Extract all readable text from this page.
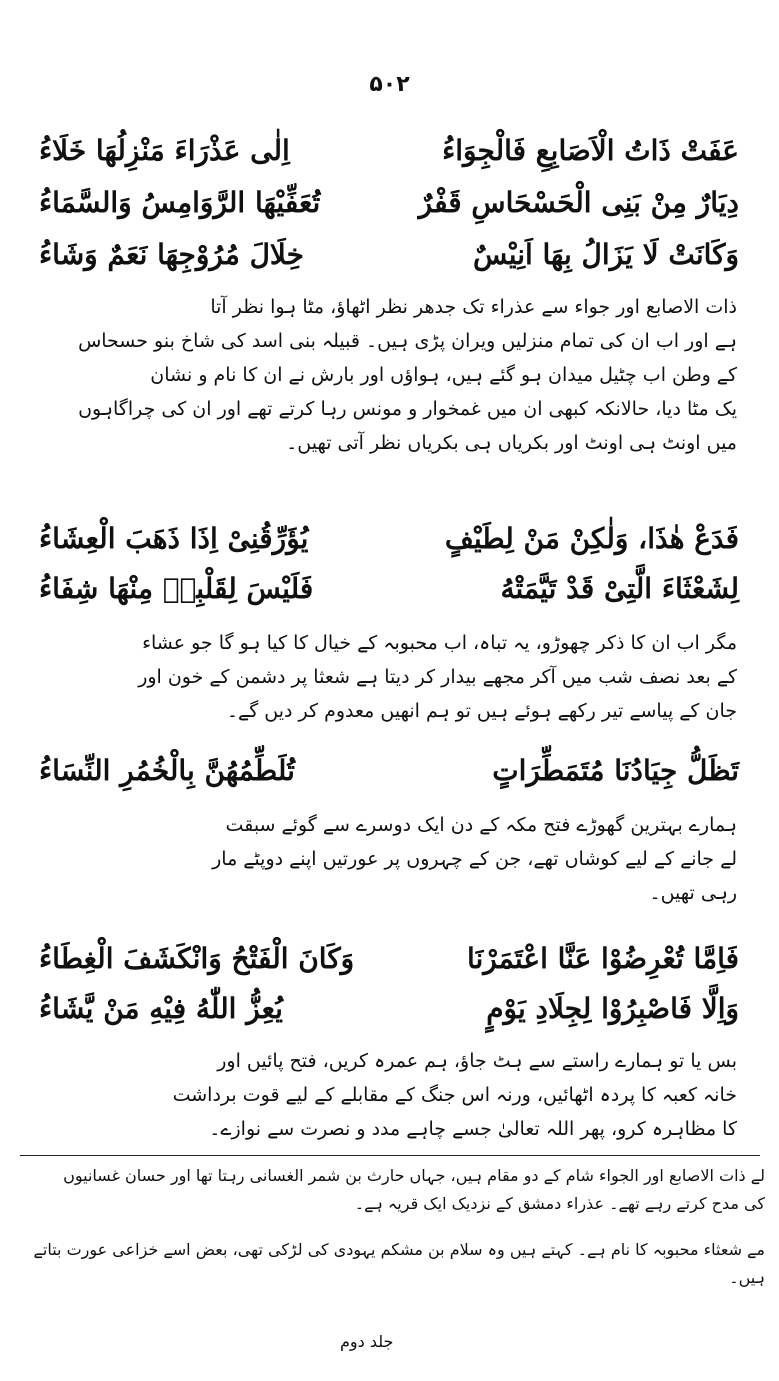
۵۰۲
عَفَتْ ذَاتُ الْاَصَابِعِ فَالْجِوَاءُ
اِلٰی عَذْرَاءَ مَنْزِلُهَا خَلَاءُ
دِیَارٌ مِنْ بَنِی الْحَسْحَاسِ قَفْرٌ
تُعَفِّیْهَا الرَّوَامِسُ وَالسَّمَاءُ
وَکَانَتْ لَا یَزَالُ بِهَا اَنِیْسٌ
خِلَالَ مُرُوْجِهَا نَعَمٌ وَشَاءُ

ذات الاصابع اور جواء سے عذراء تک جدھر نظر اٹھاؤ، مٹا ہوا نظر آتا

ہے اور اب ان کی تمام منزلیں ویران پڑی ہیں۔ قبیلہ بنی اسد کی شاخ بنو حسحاس

کے وطن اب چٹیل میدان ہو گئے ہیں، ہواؤں اور بارش نے ان کا نام و نشان

یک مٹا دیا، حالانکہ کبھی ان میں غمخوار و مونس رہا کرتے تھے اور ان کی چراگاہوں

میں اونٹ ہی اونٹ اور بکریاں ہی بکریاں نظر آتی تھیں۔

فَدَعْ هٰذَا، وَلٰکِنْ مَنْ لِطَیْفٍ
یُؤَرِّقُنِیْ اِذَا ذَهَبَ الْعِشَاءُ
لِشَعْثَاءَ الَّتِیْ قَدْ تَیَّمَتْهُ
فَلَیْسَ لِقَلْبِهٖ مِنْهَا شِفَاءُ

مگر اب ان کا ذکر چھوڑو، یہ تباہ، اب محبوبہ کے خیال کا کیا ہو گا جو عشاء

کے بعد نصف شب میں آکر مجھے بیدار کر دیتا ہے شعثا پر دشمن کے خون اور

جان کے پیاسے تیر رکھے ہوئے ہیں تو ہم انھیں معدوم کر دیں گے۔

تَظَلُّ جِیَادُنَا مُتَمَطِّرَاتٍ
تُلَطِّمُهُنَّ بِالْخُمُرِ النِّسَاءُ

ہمارے بہترین گھوڑے فتح مکہ کے دن ایک دوسرے سے گوئے سبقت

لے جانے کے لیے کوشاں تھے، جن کے چہروں پر عورتیں اپنے دوپٹے مار

رہی تھیں۔

فَاِمَّا تُعْرِضُوْا عَنَّا اعْتَمَرْنَا
وَکَانَ الْفَتْحُ وَانْکَشَفَ الْغِطَاءُ
وَاِلَّا فَاصْبِرُوْا لِجِلَادِ یَوْمٍ
یُعِزُّ اللّٰهُ فِیْهِ مَنْ یَّشَاءُ

بس یا تو ہمارے راستے سے ہٹ جاؤ، ہم عمرہ کریں، فتح پائیں اور

خانہ کعبہ کا پردہ اٹھائیں، ورنہ اس جنگ کے مقابلے کے لیے قوت برداشت

کا مظاہرہ کرو، پھر اللہ تعالیٰ جسے چاہے مدد و نصرت سے نوازے۔

لے ذات الاصابع اور الجواء شام کے دو مقام ہیں، جہاں حارث بن شمر الغسانی رہتا تھا اور حسان غسانیوں

کی مدح کرتے رہے تھے۔ عذراء دمشق کے نزدیک ایک قریہ ہے۔

مے شعثاء محبوبہ کا نام ہے۔ کہتے ہیں وہ سلام بن مشکم یہودی کی لڑکی تھی، بعض اسے خزاعی عورت بتاتے ہیں۔

جلد دوم
